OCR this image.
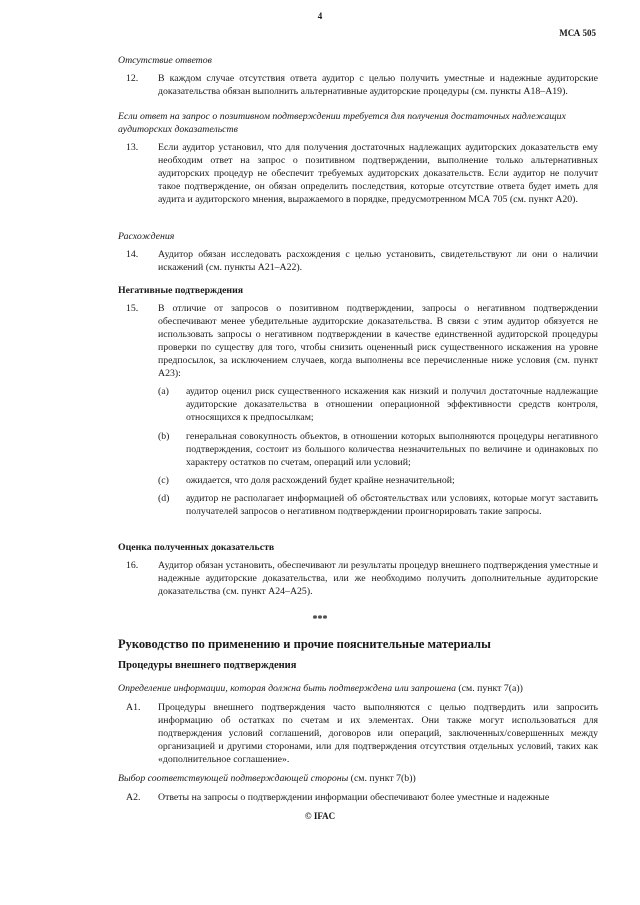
4
МСА 505
Отсутствие ответов
12. В каждом случае отсутствия ответа аудитор с целью получить уместные и надежные аудиторские доказательства обязан выполнить альтернативные аудиторские процедуры (см. пункты A18–A19).
Если ответ на запрос о позитивном подтверждении требуется для получения достаточных надлежащих аудиторских доказательств
13. Если аудитор установил, что для получения достаточных надлежащих аудиторских доказательств ему необходим ответ на запрос о позитивном подтверждении, выполнение только альтернативных аудиторских процедур не обеспечит требуемых аудиторских доказательств. Если аудитор не получит такое подтверждение, он обязан определить последствия, которые отсутствие ответа будет иметь для аудита и аудиторского мнения, выражаемого в порядке, предусмотренном МСА 705 (см. пункт A20).
Расхождения
14. Аудитор обязан исследовать расхождения с целью установить, свидетельствуют ли они о наличии искажений (см. пункты A21–A22).
Негативные подтверждения
15. В отличие от запросов о позитивном подтверждении, запросы о негативном подтверждении обеспечивают менее убедительные аудиторские доказательства. В связи с этим аудитор обязуется не использовать запросы о негативном подтверждении в качестве единственной аудиторской процедуры проверки по существу для того, чтобы снизить оцененный риск существенного искажения на уровне предпосылок, за исключением случаев, когда выполнены все перечисленные ниже условия (см. пункт A23):
(a) аудитор оценил риск существенного искажения как низкий и получил достаточные надлежащие аудиторские доказательства в отношении операционной эффективности средств контроля, относящихся к предпосылкам;
(b) генеральная совокупность объектов, в отношении которых выполняются процедуры негативного подтверждения, состоит из большого количества незначительных по величине и одинаковых по характеру остатков по счетам, операций или условий;
(c) ожидается, что доля расхождений будет крайне незначительной;
(d) аудитор не располагает информацией об обстоятельствах или условиях, которые могут заставить получателей запросов о негативном подтверждении проигнорировать такие запросы.
Оценка полученных доказательств
16. Аудитор обязан установить, обеспечивают ли результаты процедур внешнего подтверждения уместные и надежные аудиторские доказательства, или же необходимо получить дополнительные аудиторские доказательства (см. пункт A24–A25).
***
Руководство по применению и прочие пояснительные материалы
Процедуры внешнего подтверждения
Определение информации, которая должна быть подтверждена или запрошена (см. пункт 7(a))
A1. Процедуры внешнего подтверждения часто выполняются с целью подтвердить или запросить информацию об остатках по счетам и их элементах. Они также могут использоваться для подтверждения условий соглашений, договоров или операций, заключенных/совершенных между организацией и другими сторонами, или для подтверждения отсутствия отдельных условий, таких как «дополнительное соглашение».
Выбор соответствующей подтверждающей стороны (см. пункт 7(b))
A2. Ответы на запросы о подтверждении информации обеспечивают более уместные и надежные
© IFAC
